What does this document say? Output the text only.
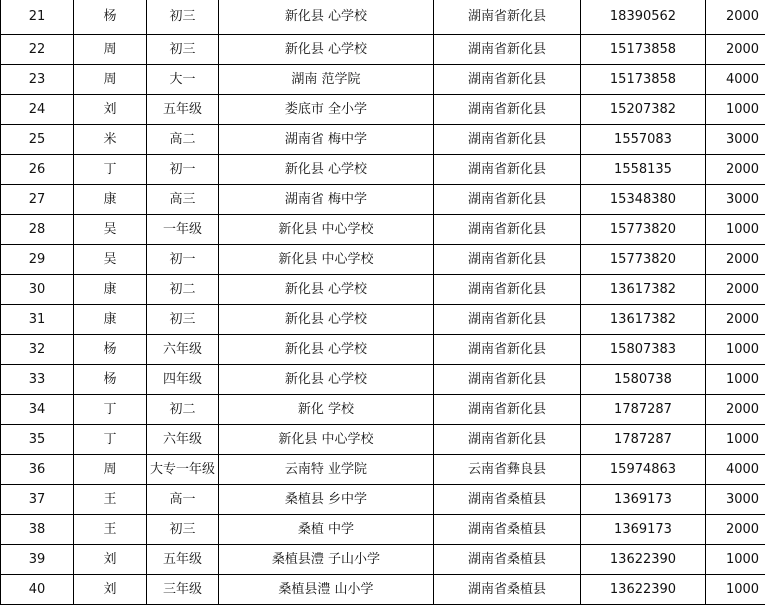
21	杨	初三	新化县 心学校	湖南省新化县	18390562	2000
22	周	初三	新化县 心学校	湖南省新化县	15173858	2000
23	周	大一	湖南 范学院	湖南省新化县	15173858	4000
24	刘	五年级	娄底市 全小学	湖南省新化县	15207382	1000
25	米	高二	湖南省 梅中学	湖南省新化县	1557083	3000
26	丁	初一	新化县 心学校	湖南省新化县	1558135	2000
27	康	高三	湖南省 梅中学	湖南省新化县	15348380	3000
28	吴	一年级	新化县 中心学校	湖南省新化县	15773820	1000
29	吴	初一	新化县 中心学校	湖南省新化县	15773820	2000
30	康	初二	新化县 心学校	湖南省新化县	13617382	2000
31	康	初三	新化县 心学校	湖南省新化县	13617382	2000
32	杨	六年级	新化县 心学校	湖南省新化县	15807383	1000
33	杨	四年级	新化县 心学校	湖南省新化县	1580738	1000
34	丁	初二	新化 学校	湖南省新化县	1787287	2000
35	丁	六年级	新化县 中心学校	湖南省新化县	1787287	1000
36	周	大专一年级	云南特 业学院	云南省彝良县	15974863	4000
37	王	高一	桑植县 乡中学	湖南省桑植县	1369173	3000
38	王	初三	桑植 中学	湖南省桑植县	1369173	2000
39	刘	五年级	桑植县澧 子山小学	湖南省桑植县	13622390	1000
40	刘	三年级	桑植县澧 山小学	湖南省桑植县	13622390	1000
